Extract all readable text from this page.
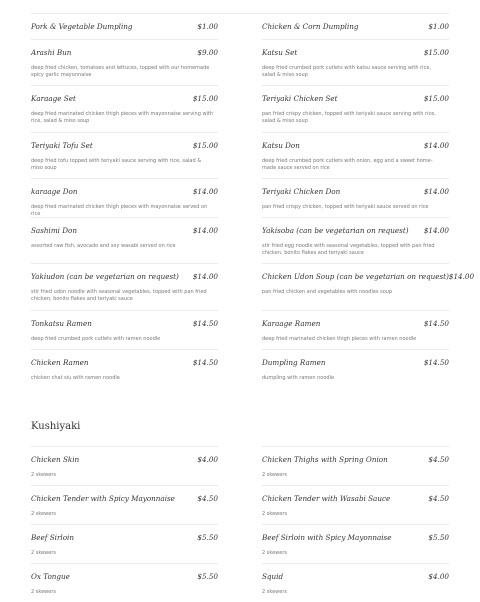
Pork & Vegetable Dumpling	$1.00
Arashi Bun	$9.00
deep fried chicken, tomatoes and lettuces, topped with our homemade spicy garlic mayonnaise
Karaage Set	$15.00
deep fried marinated chicken thigh pieces with mayonnaise serving with rice, salad & miso soup
Teriyaki Tofu Set	$15.00
deep fried tofu topped with teriyaki sauce serving with rice, salad & miso soup
karaage Don	$14.00
deep fried marinated chicken thigh pieces with mayonnaise served on rice
Sashimi Don	$14.00
assorted raw fish, avocado and soy wasabi served on rice
Yakiudon (can be vegetarian on request) $14.00
stir fried udon noodle with seasonal vegetables, topped with pan fried chicken, bonito flakes and teriyaki sauce
Tonkatsu Ramen	$14.50
deep fried crumbed pork cutlets with ramen noodle
Chicken Ramen	$14.50
chicken chat siu with ramen noodle
Chicken & Corn Dumpling	$1.00
Katsu Set	$15.00
deep fried crumbed pork cutlets with katsu sauce serving with rice, salad & miso soup
Teriyaki Chicken Set	$15.00
pan fried crispy chicken, topped with teriyaki sauce serving with rice, salad & miso soup
Katsu Don	$14.00
deep fried crumbed pork cutlets with onion, egg and a sweet home-made sauce served on rice
Teriyaki Chicken Don	$14.00
pan fried crispy chicken, topped with teriyaki sauce served on rice
Yakisoba (can be vegetarian on request) $14.00
stir fried egg noodle with seasonal vegetables, topped with pan fried chicken, bonito flakes and teriyaki sauce
Chicken Udon Soup (can be vegetarian on request) $14.00
pan fried chicken and vegetables with noodles soup
Karaage Ramen	$14.50
deep fried marinated chicken thigh pieces with ramen noodle
Dumpling Ramen	$14.50
dumpling with ramen noodle
Kushiyaki
Chicken Skin	$4.00
2 skewers
Chicken Tender with Spicy Mayonnaise	$4.50
2 skewers
Beef Sirloin	$5.50
2 skewers
Ox Tongue	$5.50
2 skewers
Chicken Thighs with Spring Onion	$4.50
2 skewers
Chicken Tender with Wasabi Sauce	$4.50
2 skewers
Beef Sirloin with Spicy Mayonnaise	$5.50
2 skewers
Squid	$4.00
2 skewers
